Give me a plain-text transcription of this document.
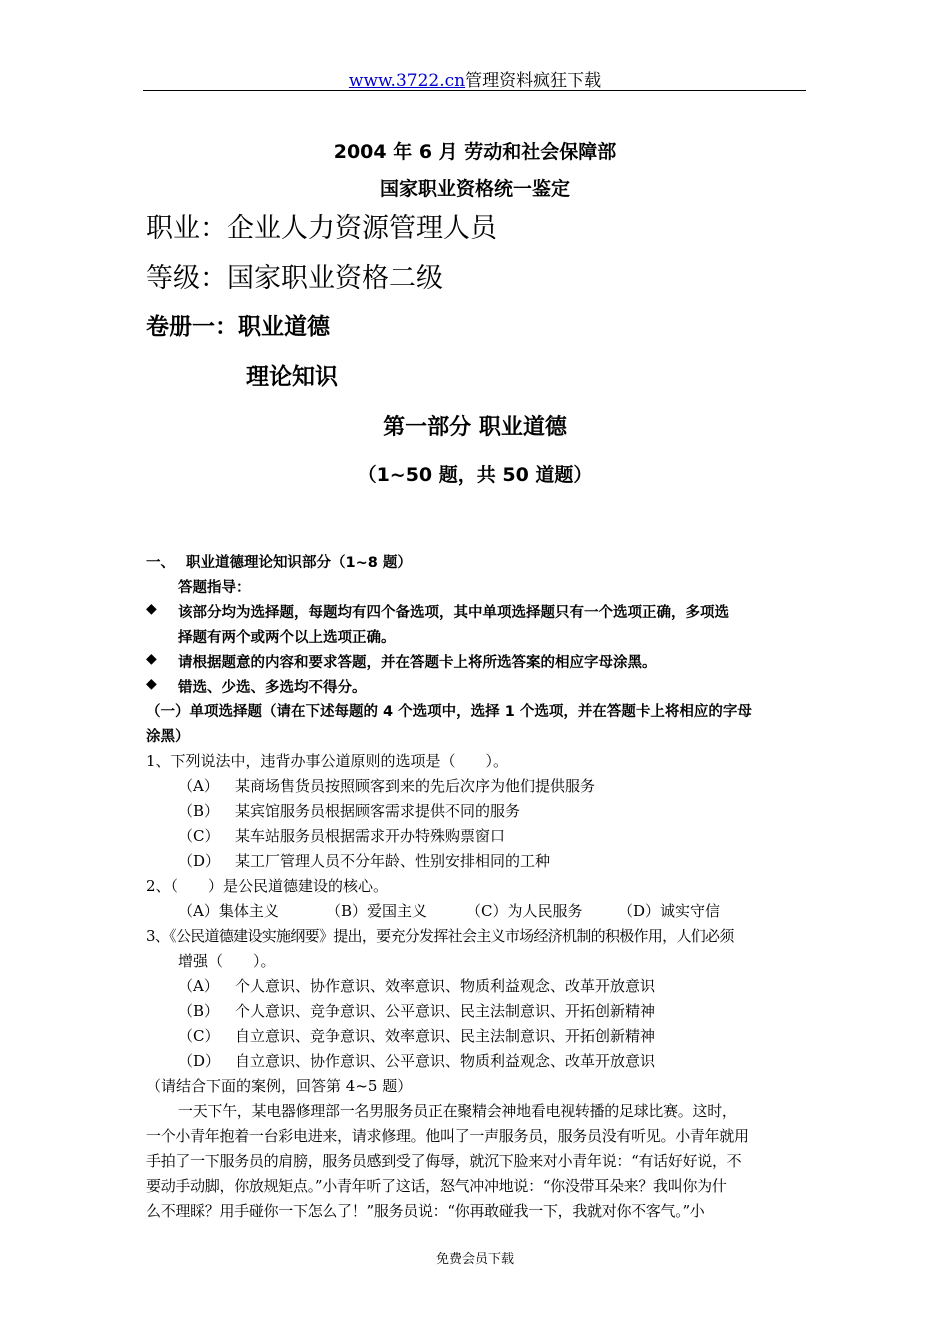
www.3722.cn管理资料疯狂下载
2004 年 6 月 劳动和社会保障部
国家职业资格统一鉴定
职业：企业人力资源管理人员
等级：国家职业资格二级
卷册一：职业道德
理论知识
第一部分 职业道德
（1~50 题，共 50 道题）
一、 职业道德理论知识部分（1~8 题）
答题指导：
◆ 该部分均为选择题，每题均有四个备选项，其中单项选择题只有一个选项正确，多项选
择题有两个或两个以上选项正确。
◆ 请根据题意的内容和要求答题，并在答题卡上将所选答案的相应字母涂黑。
◆ 错选、少选、多选均不得分。
（一）单项选择题（请在下述每题的 4 个选项中，选择 1 个选项，并在答题卡上将相应的字母
涂黑）
1、下列说法中，违背办事公道原则的选项是（　　）。
（A） 某商场售货员按照顾客到来的先后次序为他们提供服务
（B） 某宾馆服务员根据顾客需求提供不同的服务
（C） 某车站服务员根据需求开办特殊购票窗口
（D） 某工厂管理人员不分年龄、性别安排相同的工种
2、（　　）是公民道德建设的核心。
（A）集体主义	（B）爱国主义	（C）为人民服务 （D）诚实守信
3、《公民道德建设实施纲要》提出，要充分发挥社会主义市场经济机制的积极作用，人们必须
增强（　　）。
（A） 个人意识、协作意识、效率意识、物质利益观念、改革开放意识
（B） 个人意识、竞争意识、公平意识、民主法制意识、开拓创新精神
（C） 自立意识、竞争意识、效率意识、民主法制意识、开拓创新精神
（D） 自立意识、协作意识、公平意识、物质利益观念、改革开放意识
（请结合下面的案例，回答第 4~5 题）
一天下午，某电器修理部一名男服务员正在聚精会神地看电视转播的足球比赛。这时，
一个小青年抱着一台彩电进来，请求修理。他叫了一声服务员，服务员没有听见。小青年就用
手拍了一下服务员的肩膀，服务员感到受了侮辱，就沉下脸来对小青年说：“有话好好说，不
要动手动脚，你放规矩点。”小青年听了这话，怒气冲冲地说：“你没带耳朵来？我叫你为什
么不理睬？用手碰你一下怎么了！”服务员说：“你再敢碰我一下，我就对你不客气。”小
免费会员下载
